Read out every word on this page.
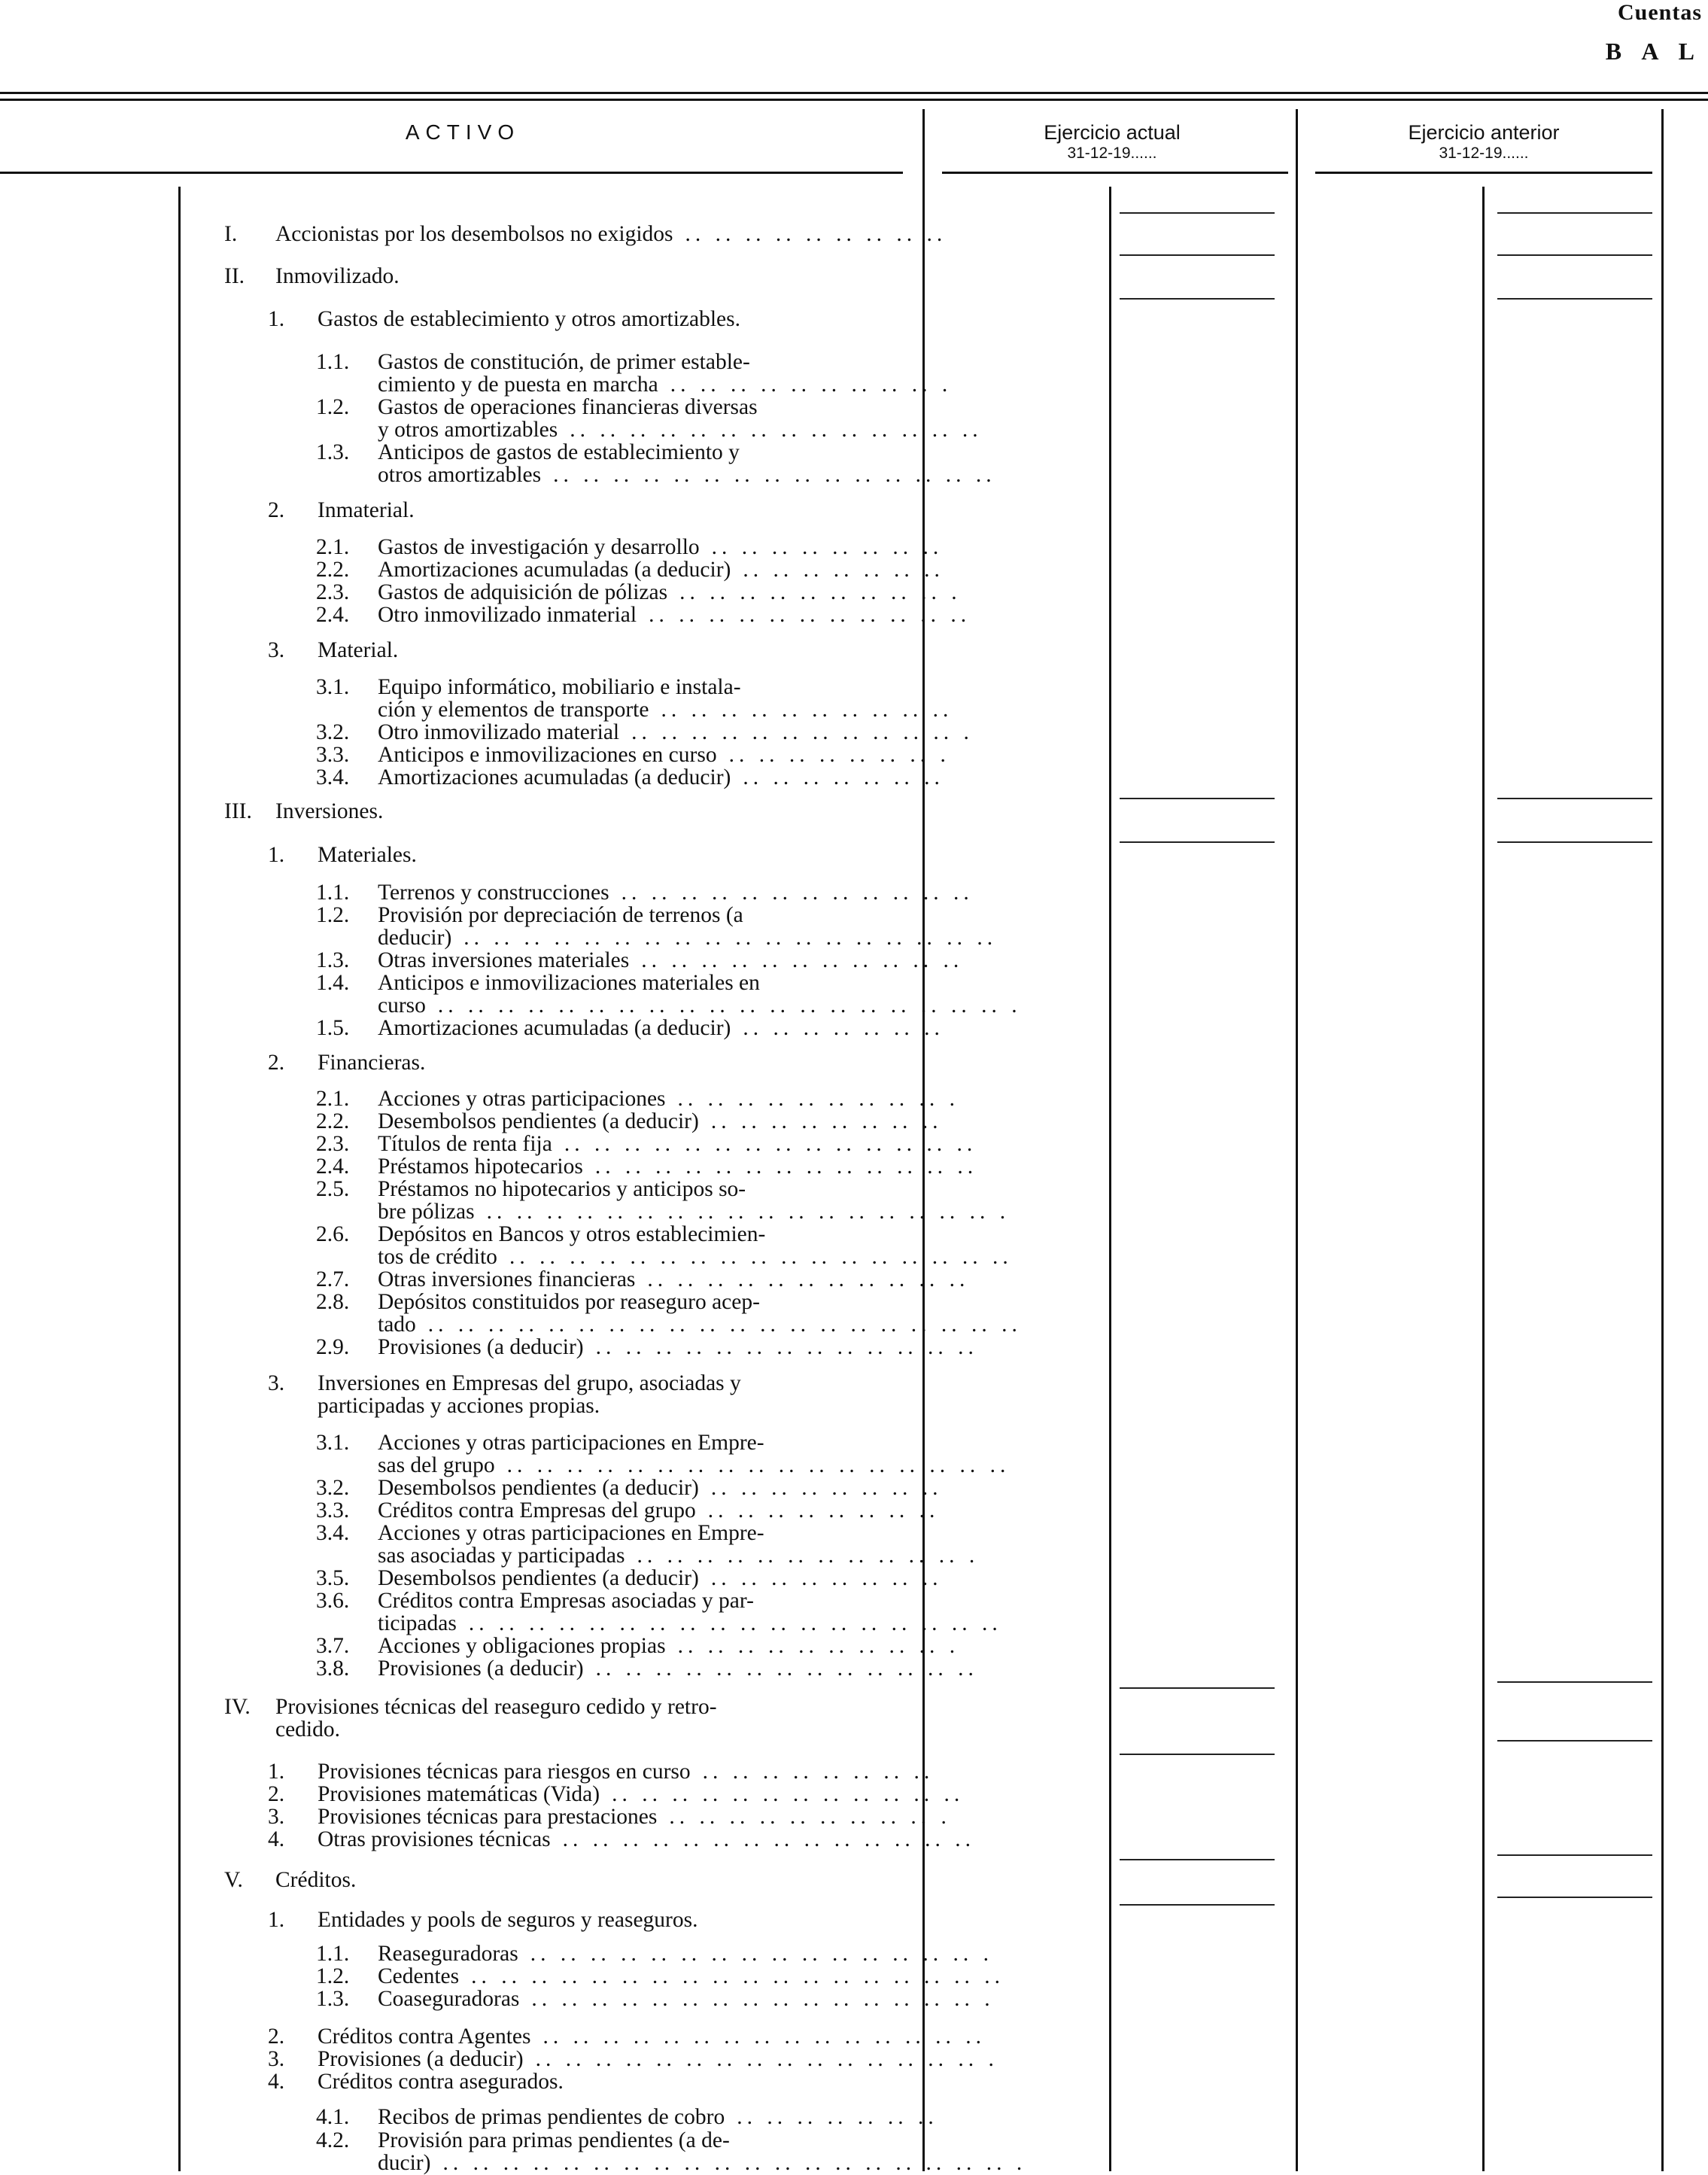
Cuentas
B A L
ACTIVO	Ejercicio actual
31-12-19......
Ejercicio anterior
31-12-19......
I. Accionistas por los desembolsos no exigidos .. .. .. .. .. .. .. .. ..
II. Inmovilizado.
1. Gastos de establecimiento y otros amortizables.
1.1. Gastos de constitución, de primer estable-
cimiento y de puesta en marcha .. .. .. .. .. .. .. .. .. .
1.2. Gastos de operaciones financieras diversas
y otros amortizables .. .. .. .. .. .. .. .. .. .. .. .. .. ..
1.3. Anticipos de gastos de establecimiento y
otros amortizables .. .. .. .. .. .. .. .. .. .. .. .. .. .. ..
2. Inmaterial.
2.1. Gastos de investigación y desarrollo .. .. .. .. .. .. .. ..
2.2. Amortizaciones acumuladas (a deducir) .. .. .. .. .. .. ..
2.3. Gastos de adquisición de pólizas .. .. .. .. .. .. .. .. .. .
2.4. Otro inmovilizado inmaterial .. .. .. .. .. .. .. .. .. .. ..
3. Material.
3.1. Equipo informático, mobiliario e instala-
ción y elementos de transporte .. .. .. .. .. .. .. .. .. ..
3.2. Otro inmovilizado material .. .. .. .. .. .. .. .. .. .. .. .
3.3. Anticipos e inmovilizaciones en curso .. .. .. .. .. .. .. .
3.4. Amortizaciones acumuladas (a deducir) .. .. .. .. .. .. ..
III. Inversiones.
1. Materiales.
1.1. Terrenos y construcciones .. .. .. .. .. .. .. .. .. .. .. ..
1.2. Provisión por depreciación de terrenos (a
deducir) .. .. .. .. .. .. .. .. .. .. .. .. .. .. .. .. .. ..
1.3. Otras inversiones materiales .. .. .. .. .. .. .. .. .. .. ..
1.4. Anticipos e inmovilizaciones materiales en
curso .. .. .. .. .. .. .. .. .. .. .. .. .. .. .. .. .. .. .. .
1.5. Amortizaciones acumuladas (a deducir) .. .. .. .. .. .. ..
2. Financieras.
2.1. Acciones y otras participaciones .. .. .. .. .. .. .. .. .. .
2.2. Desembolsos pendientes (a deducir) .. .. .. .. .. .. .. ..
2.3. Títulos de renta fija .. .. .. .. .. .. .. .. .. .. .. .. .. ..
2.4. Préstamos hipotecarios .. .. .. .. .. .. .. .. .. .. .. .. ..
2.5. Préstamos no hipotecarios y anticipos so-
bre pólizas .. .. .. .. .. .. .. .. .. .. .. .. .. .. .. .. .. .
2.6. Depósitos en Bancos y otros establecimien-
tos de crédito .. .. .. .. .. .. .. .. .. .. .. .. .. .. .. .. ..
2.7. Otras inversiones financieras .. .. .. .. .. .. .. .. .. .. ..
2.8. Depósitos constituidos por reaseguro acep-
tado .. .. .. .. .. .. .. .. .. .. .. .. .. .. .. .. .. .. .. ..
2.9. Provisiones (a deducir) .. .. .. .. .. .. .. .. .. .. .. .. ..
3. Inversiones en Empresas del grupo, asociadas y
participadas y acciones propias.
3.1. Acciones y otras participaciones en Empre-
sas del grupo .. .. .. .. .. .. .. .. .. .. .. .. .. .. .. .. ..
3.2. Desembolsos pendientes (a deducir) .. .. .. .. .. .. .. ..
3.3. Créditos contra Empresas del grupo .. .. .. .. .. .. .. ..
3.4. Acciones y otras participaciones en Empre-
sas asociadas y participadas .. .. .. .. .. .. .. .. .. .. .. .
3.5. Desembolsos pendientes (a deducir) .. .. .. .. .. .. .. ..
3.6. Créditos contra Empresas asociadas y par-
ticipadas .. .. .. .. .. .. .. .. .. .. .. .. .. .. .. .. .. ..
3.7. Acciones y obligaciones propias .. .. .. .. .. .. .. .. .. .
3.8. Provisiones (a deducir) .. .. .. .. .. .. .. .. .. .. .. .. ..
IV. Provisiones técnicas del reaseguro cedido y retro-
cedido.
1. Provisiones técnicas para riesgos en curso .. .. .. .. .. .. .. ..
2. Provisiones matemáticas (Vida) .. .. .. .. .. .. .. .. .. .. .. ..
3. Provisiones técnicas para prestaciones .. .. .. .. .. .. .. .. .. .
4. Otras provisiones técnicas .. .. .. .. .. .. .. .. .. .. .. .. .. ..
V. Créditos.
1. Entidades y pools de seguros y reaseguros.
1.1. Reaseguradoras .. .. .. .. .. .. .. .. .. .. .. .. .. .. .. .
1.2. Cedentes .. .. .. .. .. .. .. .. .. .. .. .. .. .. .. .. .. ..
1.3. Coaseguradoras .. .. .. .. .. .. .. .. .. .. .. .. .. .. .. .
2. Créditos contra Agentes .. .. .. .. .. .. .. .. .. .. .. .. .. .. ..
3. Provisiones (a deducir) .. .. .. .. .. .. .. .. .. .. .. .. .. .. .. .
4. Créditos contra asegurados.
4.1. Recibos de primas pendientes de cobro .. .. .. .. .. .. ..
4.2. Provisión para primas pendientes (a de-
ducir) .. .. .. .. .. .. .. .. .. .. .. .. .. .. .. .. .. .. .. .
